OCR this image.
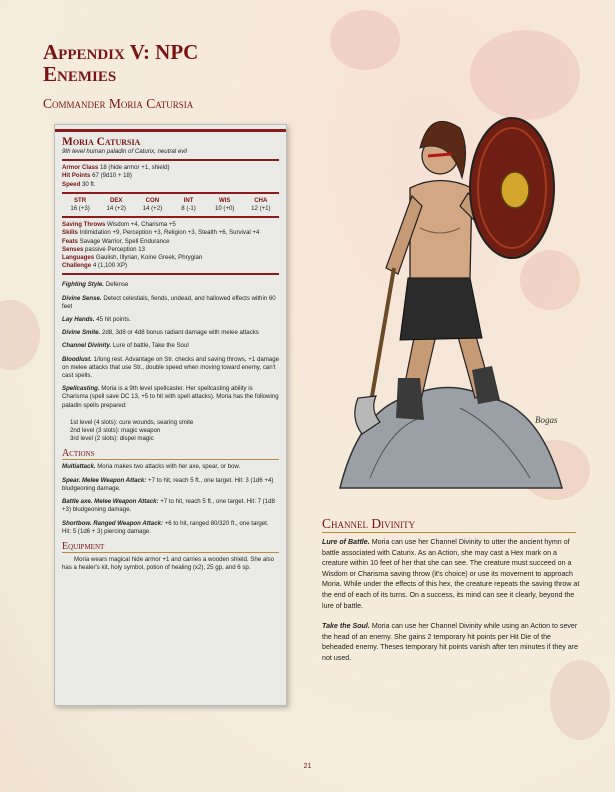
Appendix V: NPC
Enemies
Commander Moria Catursia
Moria Catursia
9th level human paladin of Caturix, neutral evil
Armor Class 18 (hide armor +1, shield)
Hit Points 67 (9d10 + 18)
Speed 30 ft.
STR
16 (+3)
DEX
14 (+2)
CON
14 (+2)
INT
8 (-1)
WIS
10 (+0)
CHA
12 (+1)
Saving Throws Wisdom +4, Charisma +5
Skills Intimidation +9, Perception +3, Religion +3, Stealth +6, Survival +4
Feats Savage Warrior, Spell Endurance
Senses passive Perception 13
Languages Gaulish, Illyrian, Koine Greek, Phrygian
Challenge 4 (1,100 XP)
Fighting Style. Defense
Divine Sense. Detect celestials, fiends, undead, and hallowed effects within 60 feet
Lay Hands. 45 hit points.
Divine Smite. 2d8, 3d8 or 4d8 bonus radiant damage with melee attacks
Channel Divinity. Lure of battle, Take the Soul
Bloodlust. 1/long rest. Advantage on Str. checks and saving throws, +1 damage on melee attacks that use Str., double speed when moving toward enemy, can't cast spells.
Spellcasting. Moria is a 9th level spellcaster. Her spellcasting ability is Charisma (spell save DC 13, +5 to hit with spell attacks). Moria has the following paladin spells prepared:
1st level (4 slots): cure wounds, searing smite
2nd level (3 slots): magic weapon
3rd level (2 slots): dispel magic
Actions
Multiattack. Moria makes two attacks with her axe, spear, or bow.
Spear. Melee Weapon Attack: +7 to hit, reach 5 ft., one target. Hit: 3 (1d6 +4) bludgeoning damage.
Battle axe. Melee Weapon Attack: +7 to hit, reach 5 ft., one target. Hit: 7 (1d8 +3) bludgeoning damage.
Shortbow. Ranged Weapon Attack: +6 to hit, ranged 80/320 ft., one target. Hit: 5 (1d6 + 3) piercing damage.
Equipment
Moria wears magical hide armor +1 and carries a wooden shield. She also has a healer's kit, holy symbol, potion of healing (x2), 25 gp, and 6 sp.
Bogas
Channel Divinity

Lure of Battle. Moria can use her Channel Divinity to utter the ancient hymn of battle associated with Caturix. As an Action, she may cast a Hex mark on a creature within 10 feet of her that she can see. The creature must succeed on a Wisdom or Charisma saving throw (it's choice) or use its movement to approach Moria. While under the effects of this hex, the creature repeats the saving throw at the end of each of its turns. On a success, its mind can see it clearly, beyond the lure of battle.

Take the Soul. Moria can use her Channel Divinity while using an Action to sever the head of an enemy. She gains 2 temporary hit points per Hit Die of the beheaded enemy. Theses temporary hit points vanish after ten minutes if they are not used.

21
